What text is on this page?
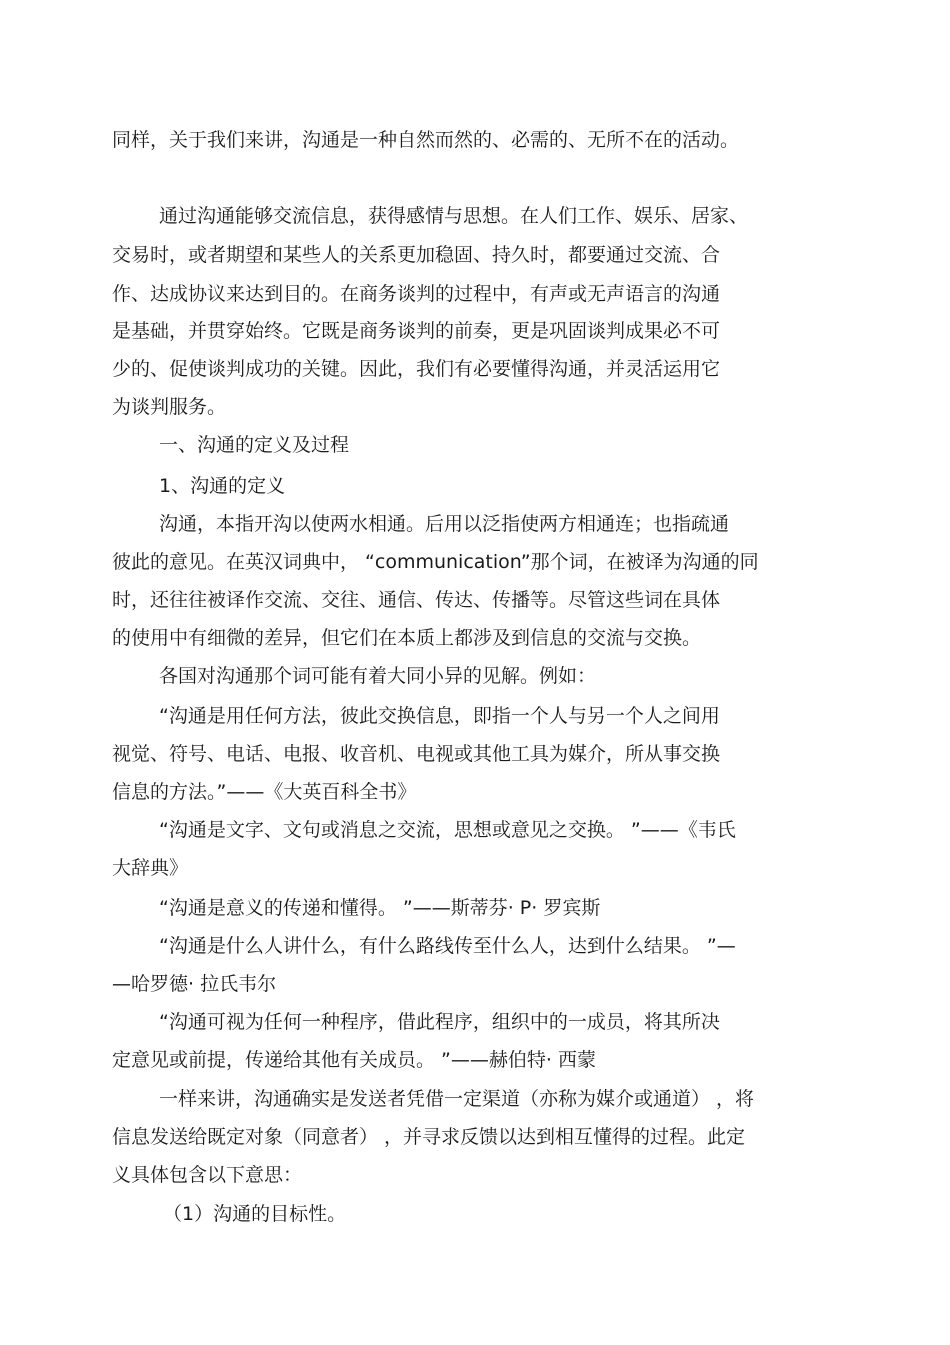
同样，关于我们来讲，沟通是一种自然而然的、必需的、无所不在的活动。
通过沟通能够交流信息，获得感情与思想。在人们工作、娱乐、居家、
交易时，或者期望和某些人的关系更加稳固、持久时，都要通过交流、合
作、达成协议来达到目的。在商务谈判的过程中，有声或无声语言的沟通
是基础，并贯穿始终。它既是商务谈判的前奏，更是巩固谈判成果必不可
少的、促使谈判成功的关键。因此，我们有必要懂得沟通，并灵活运用它
为谈判服务。
一、沟通的定义及过程
1、沟通的定义
沟通，本指开沟以使两水相通。后用以泛指使两方相通连；也指疏通
彼此的意见。在英汉词典中， “communication”那个词，在被译为沟通的同
时，还往往被译作交流、交往、通信、传达、传播等。尽管这些词在具体
的使用中有细微的差异，但它们在本质上都涉及到信息的交流与交换。
各国对沟通那个词可能有着大同小异的见解。例如：
“沟通是用任何方法，彼此交换信息，即指一个人与另一个人之间用
视觉、符号、电话、电报、收音机、电视或其他工具为媒介，所从事交换
信息的方法。”——《大英百科全书》
“沟通是文字、文句或消息之交流，思想或意见之交换。 ”——《韦氏
大辞典》
“沟通是意义的传递和懂得。 ”——斯蒂芬· P· 罗宾斯
“沟通是什么人讲什么，有什么路线传至什么人，达到什么结果。 ”—
—哈罗德· 拉氏韦尔
“沟通可视为任何一种程序，借此程序，组织中的一成员，将其所决
定意见或前提，传递给其他有关成员。 ”——赫伯特· 西蒙
一样来讲，沟通确实是发送者凭借一定渠道（亦称为媒介或通道） ，将
信息发送给既定对象（同意者） ，并寻求反馈以达到相互懂得的过程。此定
义具体包含以下意思：
（1）沟通的目标性。
